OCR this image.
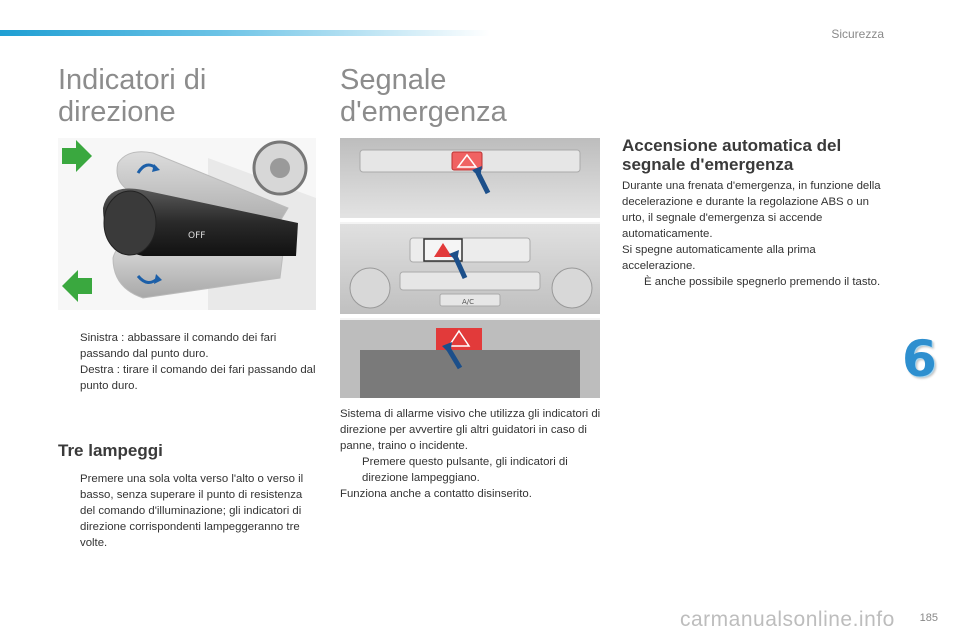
Sicurezza
Indicatori di
direzione
OFF
Sinistra : abbassare il comando dei fari passando dal punto duro.
Destra : tirare il comando dei fari passando dal punto duro.
Tre lampeggi
Premere una sola volta verso l'alto o verso il basso, senza superare il punto di resistenza del comando d'illuminazione; gli indicatori di direzione corrispondenti lampeggeranno tre volte.
Segnale
d'emergenza
A/C

Sistema di allarme visivo che utilizza gli indicatori di direzione per avvertire gli altri guidatori in caso di panne, traino o incidente.

Premere questo pulsante, gli indicatori di direzione lampeggiano.

Funziona anche a contatto disinserito.

Accensione automatica del segnale d'emergenza

Durante una frenata d'emergenza, in funzione della decelerazione e durante la regolazione ABS o un urto, il segnale d'emergenza si accende automaticamente.

Si spegne automaticamente alla prima accelerazione.

È anche possibile spegnerlo premendo il tasto.
6
carmanualsonline.info 185
